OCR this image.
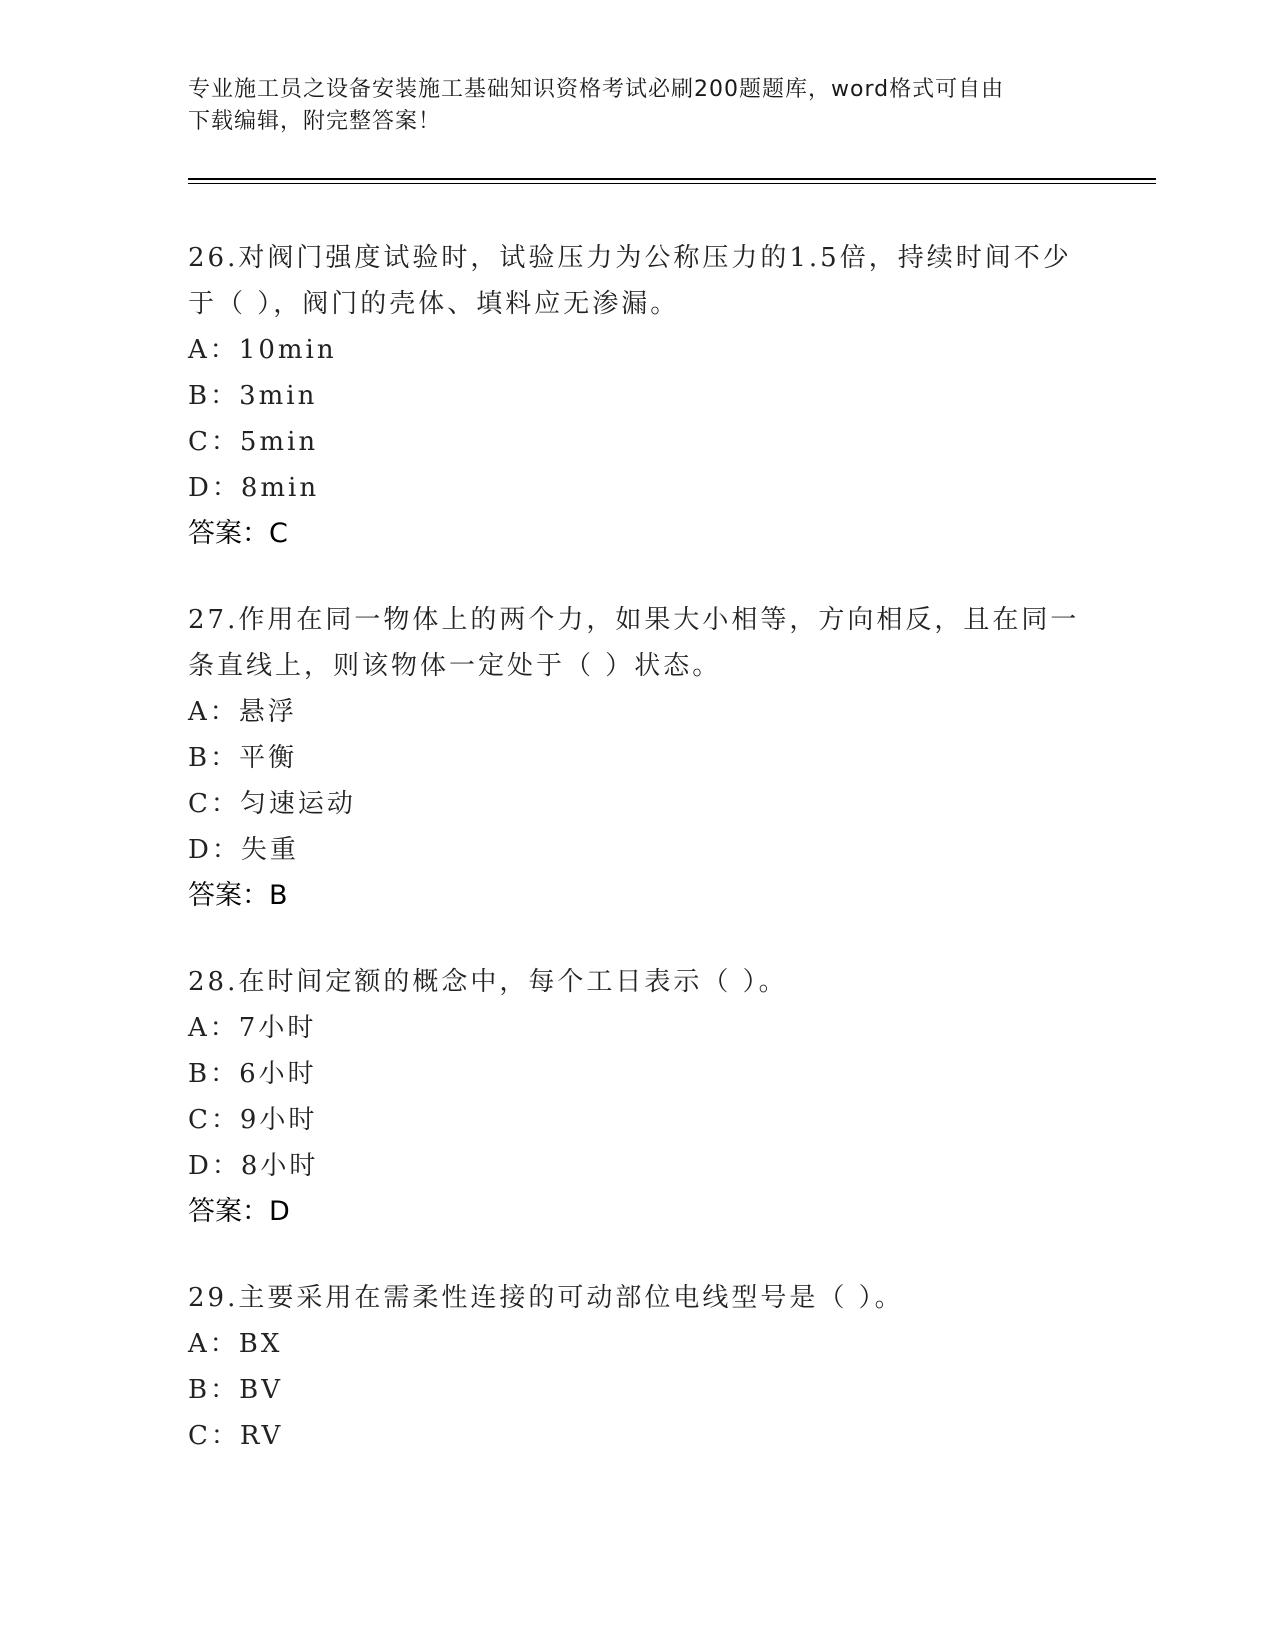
专业施工员之设备安装施工基础知识资格考试必刷200题题库，word格式可自由
下载编辑，附完整答案！

26.对阀门强度试验时，试验压力为公称压力的1.5倍，持续时间不少

于（ ），阀门的壳体、填料应无渗漏。

A：10min

B：3min

C：5min

D：8min

答案：C

27.作用在同一物体上的两个力，如果大小相等，方向相反，且在同一

条直线上，则该物体一定处于（ ）状态。

A：悬浮

B：平衡

C：匀速运动

D：失重

答案：B

28.在时间定额的概念中，每个工日表示（ ）。

A：7小时

B：6小时

C：9小时

D：8小时

答案：D

29.主要采用在需柔性连接的可动部位电线型号是（ ）。

A：BX

B：BV

C：RV
